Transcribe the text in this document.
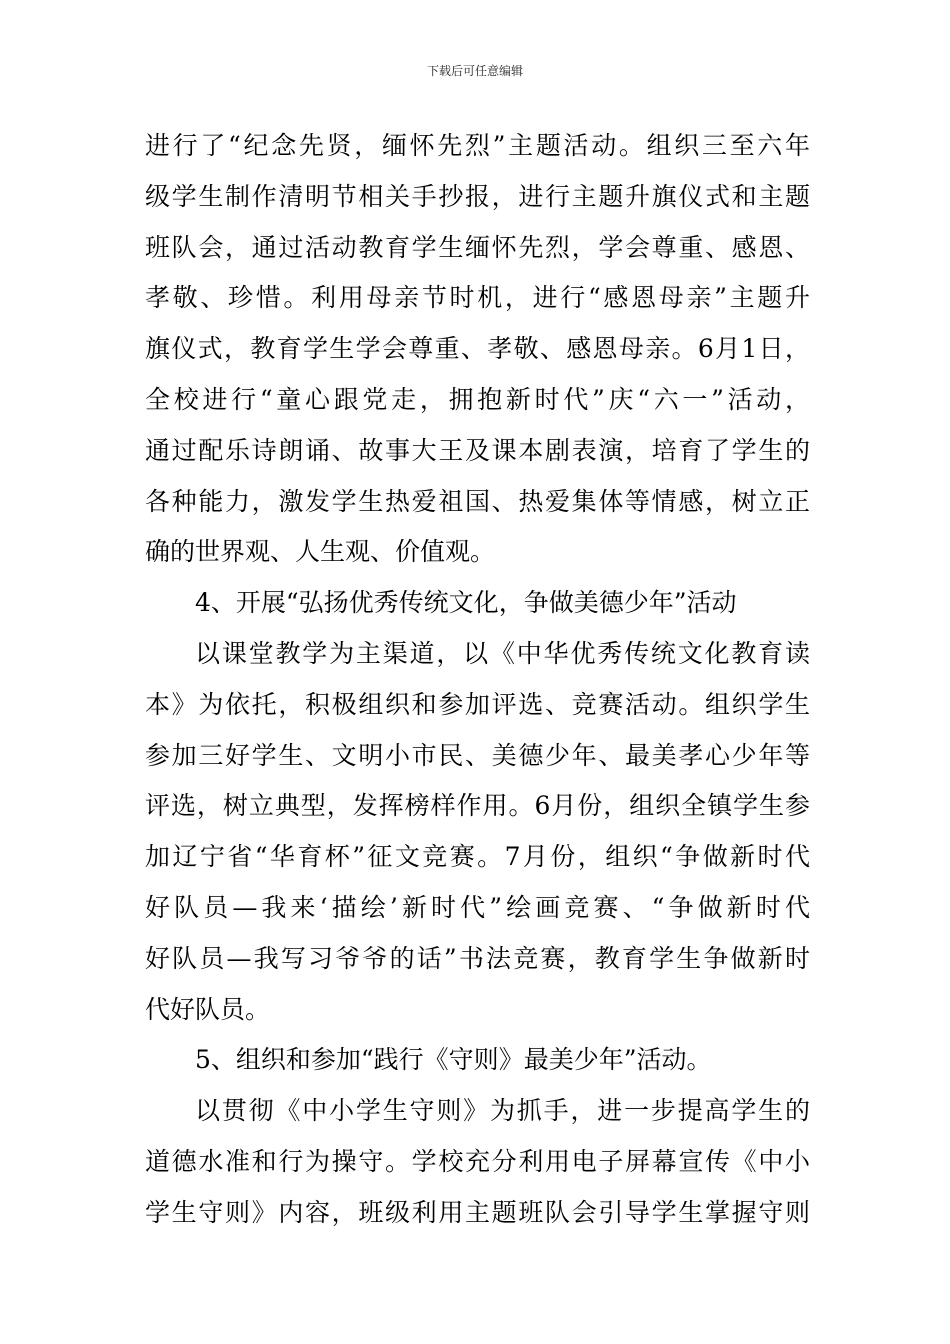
下载后可任意编辑
进行了“纪念先贤，缅怀先烈”主题活动。组织三至六年
级学生制作清明节相关手抄报，进行主题升旗仪式和主题
班队会，通过活动教育学生缅怀先烈，学会尊重、感恩、
孝敬、珍惜。利用母亲节时机，进行“感恩母亲”主题升
旗仪式，教育学生学会尊重、孝敬、感恩母亲。6月1日，
全校进行“童心跟党走，拥抱新时代”庆“六一”活动，
通过配乐诗朗诵、故事大王及课本剧表演，培育了学生的
各种能力，激发学生热爱祖国、热爱集体等情感，树立正
确的世界观、人生观、价值观。
4、开展“弘扬优秀传统文化，争做美德少年”活动
以课堂教学为主渠道，以《中华优秀传统文化教育读
本》为依托，积极组织和参加评选、竞赛活动。组织学生
参加三好学生、文明小市民、美德少年、最美孝心少年等
评选，树立典型，发挥榜样作用。6月份，组织全镇学生参
加辽宁省“华育杯”征文竞赛。7月份，组织“争做新时代
好队员—我来‘描绘’新时代”绘画竞赛、“争做新时代
好队员—我写习爷爷的话”书法竞赛，教育学生争做新时
代好队员。
5、组织和参加“践行《守则》最美少年”活动。
以贯彻《中小学生守则》为抓手，进一步提高学生的
道德水准和行为操守。学校充分利用电子屏幕宣传《中小
学生守则》内容，班级利用主题班队会引导学生掌握守则
